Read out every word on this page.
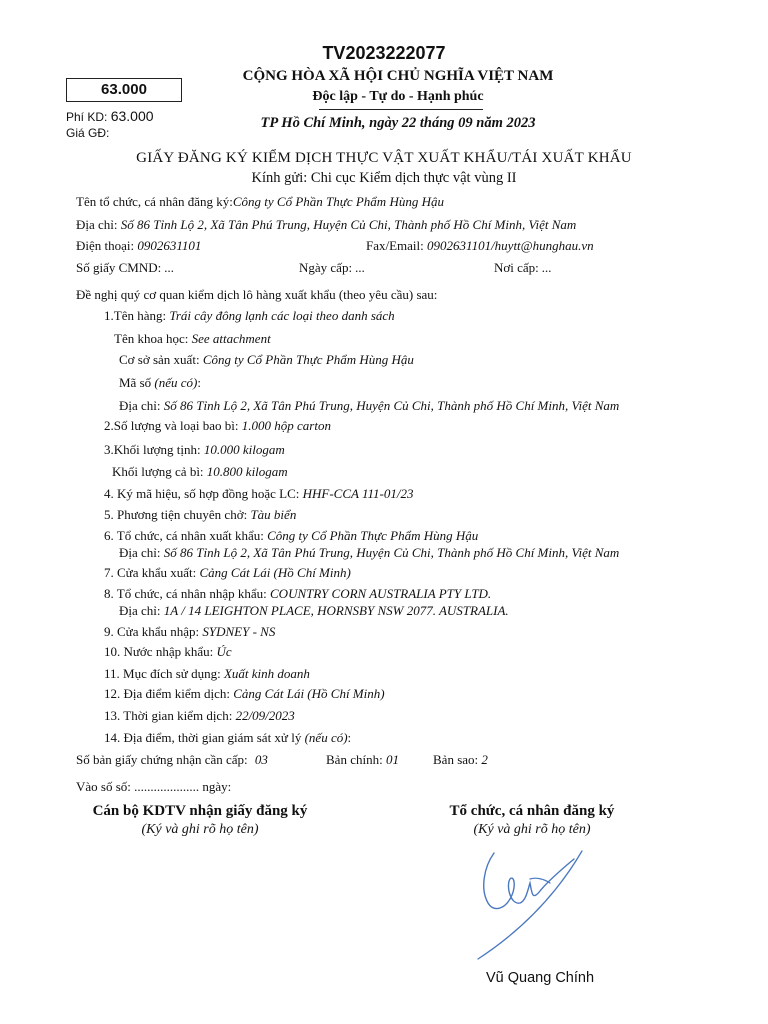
TV2023222077
63.000
Phí KD: 63.000
Giá GĐ:
CỘNG HÒA XÃ HỘI CHỦ NGHĨA VIỆT NAM
Độc lập - Tự do - Hạnh phúc
TP Hồ Chí Minh, ngày 22 tháng 09 năm 2023
GIẤY ĐĂNG KÝ KIỂM DỊCH THỰC VẬT XUẤT KHẨU/TÁI XUẤT KHẨU
Kính gửi: Chi cục Kiểm dịch thực vật vùng II
Tên tổ chức, cá nhân đăng ký:Công ty Cổ Phần Thực Phẩm Hùng Hậu
Địa chỉ: Số 86 Tỉnh Lộ 2, Xã Tân Phú Trung, Huyện Củ Chi, Thành phố Hồ Chí Minh, Việt Nam
Điện thoại: 0902631101	Fax/Email: 0902631101/huytt@hunghau.vn
Số giấy CMND: ...	Ngày cấp: ...	Nơi cấp: ...
Đề nghị quý cơ quan kiểm dịch lô hàng xuất khẩu (theo yêu cầu) sau:
1.Tên hàng: Trái cây đông lạnh các loại theo danh sách
Tên khoa học: See attachment
Cơ sở sản xuất: Công ty Cổ Phần Thực Phẩm Hùng Hậu
Mã số (nếu có):
Địa chỉ: Số 86 Tỉnh Lộ 2, Xã Tân Phú Trung, Huyện Củ Chi, Thành phố Hồ Chí Minh, Việt Nam
2.Số lượng và loại bao bì: 1.000 hộp carton
3.Khối lượng tịnh: 10.000 kilogam
Khối lượng cả bì: 10.800 kilogam
4. Ký mã hiệu, số hợp đồng hoặc LC: HHF-CCA 111-01/23
5. Phương tiện chuyên chở: Tàu biển
6. Tổ chức, cá nhân xuất khẩu: Công ty Cổ Phần Thực Phẩm Hùng Hậu
Địa chỉ: Số 86 Tỉnh Lộ 2, Xã Tân Phú Trung, Huyện Củ Chi, Thành phố Hồ Chí Minh, Việt Nam
7. Cửa khẩu xuất: Cảng Cát Lái (Hồ Chí Minh)
8. Tổ chức, cá nhân nhập khẩu: COUNTRY CORN AUSTRALIA PTY LTD.
Địa chỉ: 1A / 14 LEIGHTON PLACE, HORNSBY NSW 2077. AUSTRALIA.
9. Cửa khẩu nhập: SYDNEY - NS
10. Nước nhập khẩu: Úc
11. Mục đích sử dụng: Xuất kinh doanh
12. Địa điểm kiểm dịch: Cảng Cát Lái (Hồ Chí Minh)
13. Thời gian kiểm dịch: 22/09/2023
14. Địa điểm, thời gian giám sát xử lý (nếu có):
Số bản giấy chứng nhận cần cấp: 03	Bản chính: 01	Bản sao: 2
Vào số số: .................... ngày:
Cán bộ KDTV nhận giấy đăng ký
(Ký và ghi rõ họ tên)
Tổ chức, cá nhân đăng ký
(Ký và ghi rõ họ tên)
Vũ Quang Chính
